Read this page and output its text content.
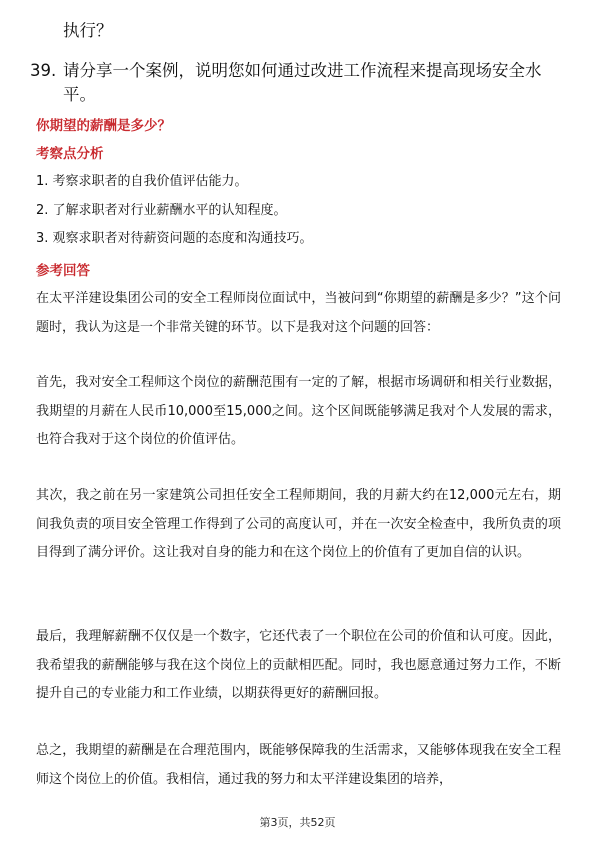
执行？
39. 请分享一个案例，说明您如何通过改进工作流程来提高现场安全水平。
你期望的薪酬是多少？
考察点分析
1. 考察求职者的自我价值评估能力。
2. 了解求职者对行业薪酬水平的认知程度。
3. 观察求职者对待薪资问题的态度和沟通技巧。
参考回答

在太平洋建设集团公司的安全工程师岗位面试中，当被问到“你期望的薪酬是多少？”这个问题时，我认为这是一个非常关键的环节。以下是我对这个问题的回答：

首先，我对安全工程师这个岗位的薪酬范围有一定的了解，根据市场调研和相关行业数据，我期望的月薪在人民币10,000至15,000之间。这个区间既能够满足我对个人发展的需求，也符合我对于这个岗位的价值评估。

其次，我之前在另一家建筑公司担任安全工程师期间，我的月薪大约在12,000元左右，期间我负责的项目安全管理工作得到了公司的高度认可，并在一次安全检查中，我所负责的项目得到了满分评价。这让我对自身的能力和在这个岗位上的价值有了更加自信的认识。

最后，我理解薪酬不仅仅是一个数字，它还代表了一个职位在公司的价值和认可度。因此，我希望我的薪酬能够与我在这个岗位上的贡献相匹配。同时，我也愿意通过努力工作，不断提升自己的专业能力和工作业绩，以期获得更好的薪酬回报。

总之，我期望的薪酬是在合理范围内，既能够保障我的生活需求，又能够体现我在安全工程师这个岗位上的价值。我相信，通过我的努力和太平洋建设集团的培养，

第3页，共52页
